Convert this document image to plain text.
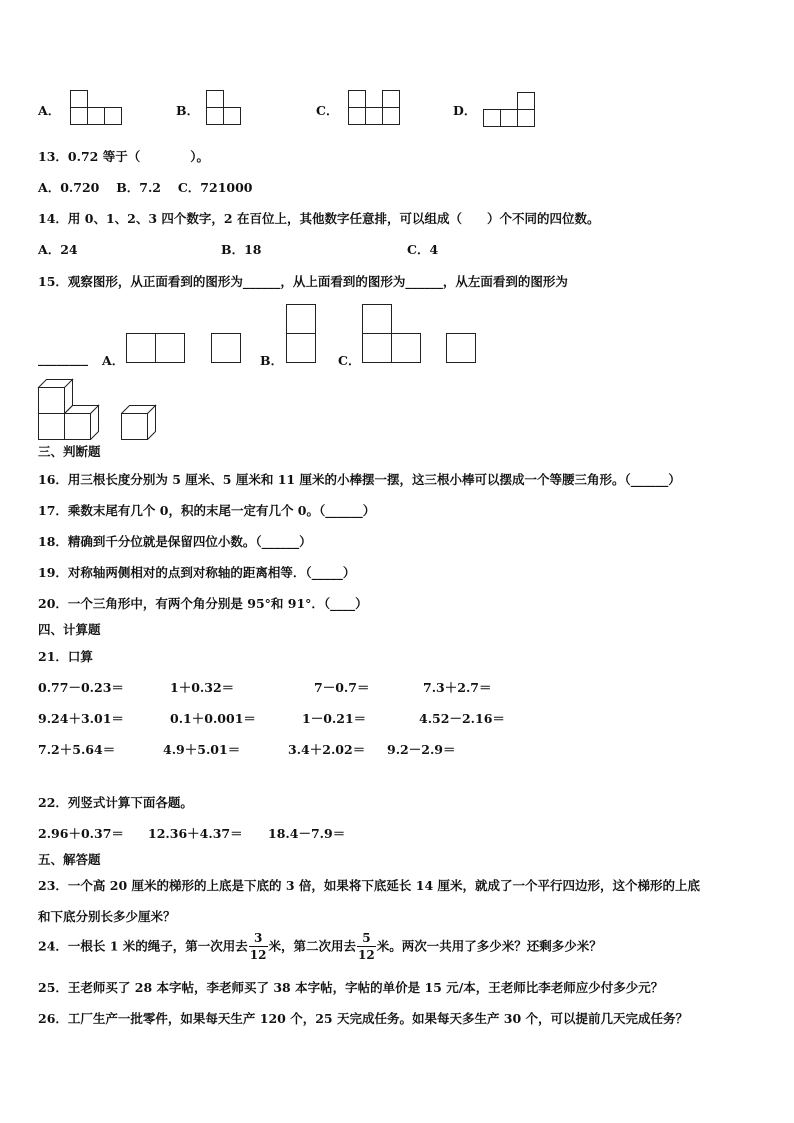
A．	B．	C．	D．
13．0.72 等于（　　　　）。
A．0.720　 B．7.2　 C．721000
14．用 0、1、2、3 四个数字，2 在百位上，其他数字任意排，可以组成（　　）个不同的四位数。
A．24	B．18	C．4
15．观察图形，从正面看到的图形为______，从上面看到的图形为______，从左面看到的图形为
________ A．	B．	C．
三、判断题
16．用三根长度分别为 5 厘米、5 厘米和 11 厘米的小棒摆一摆，这三根小棒可以摆成一个等腰三角形。（______）
17．乘数末尾有几个 0，积的末尾一定有几个 0。（______）
18．精确到千分位就是保留四位小数。（______）
19．对称轴两侧相对的点到对称轴的距离相等．（_____）
20．一个三角形中，有两个角分别是 95°和 91°．（____）
四、计算题
21．口算
0.77－0.23＝	1＋0.32＝	7－0.7＝	7.3＋2.7＝
9.24＋3.01＝	0.1＋0.001＝	1－0.21＝	4.52－2.16＝
7.2＋5.64＝	4.9＋5.01＝	3.4＋2.02＝ 9.2－2.9＝
22．列竖式计算下面各题。
2.96＋0.37＝ 12.36＋4.37＝ 18.4－7.9＝
五、解答题
23．一个高 20 厘米的梯形的上底是下底的 3 倍，如果将下底延长 14 厘米，就成了一个平行四边形，这个梯形的上底
和下底分别长多少厘米？
24．一根长 1 米的绳子，第一次用去 $\frac{3}{12}$ 米，第二次用去 $\frac{5}{12}$ 米。两次一共用了多少米？还剩多少米？
25．王老师买了 28 本字帖，李老师买了 38 本字帖，字帖的单价是 15 元/本，王老师比李老师应少付多少元？
26．工厂生产一批零件，如果每天生产 120 个，25 天完成任务。如果每天多生产 30 个，可以提前几天完成任务？
